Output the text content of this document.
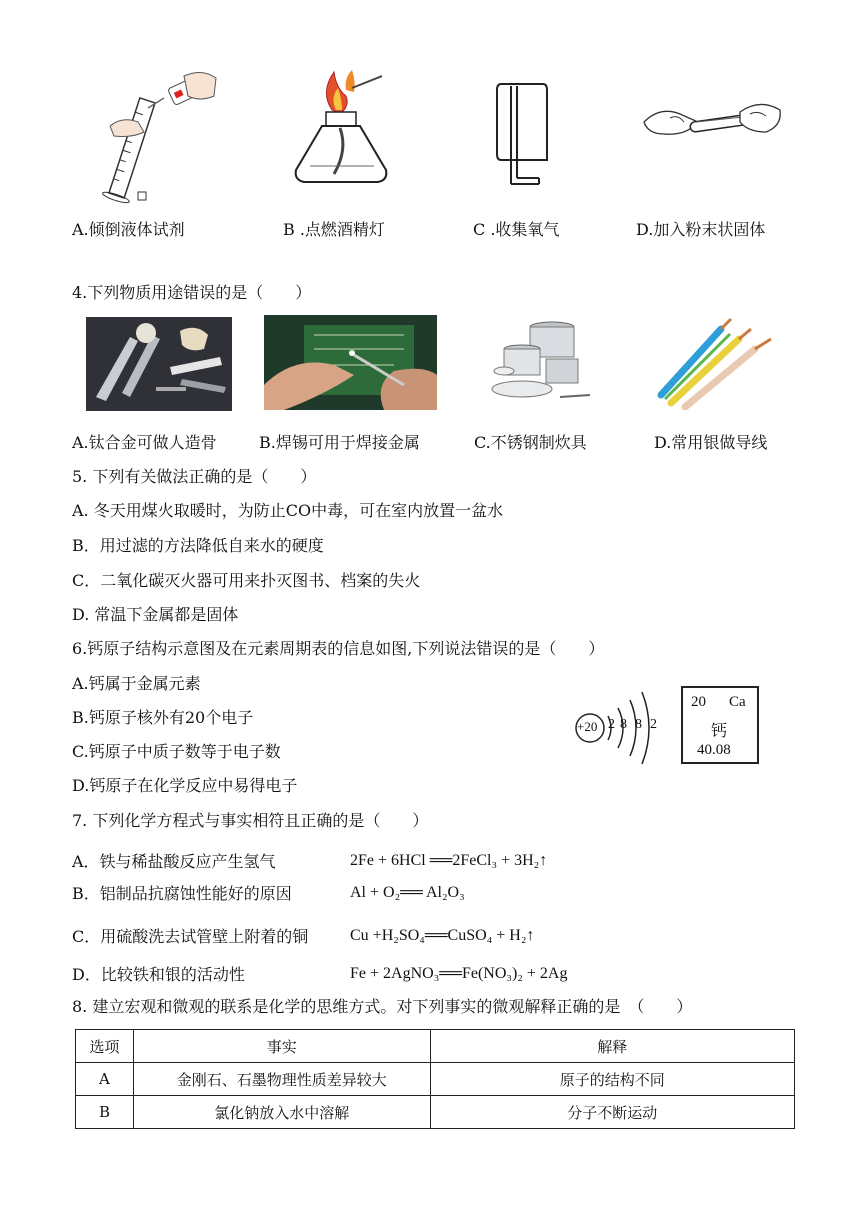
A.倾倒液体试剂	B .点燃酒精灯	C .收集氧气	D.加入粉末状固体
4.下列物质用途错误的是（　　）
A.钛合金可做人造骨	B.焊锡可用于焊接金属	C.不锈钢制炊具	D.常用银做导线
5. 下列有关做法正确的是（　　）
A. 冬天用煤火取暖时，为防止CO中毒，可在室内放置一盆水
B．用过滤的方法降低自来水的硬度
C．二氧化碳灭火器可用来扑灭图书、档案的失火
D. 常温下金属都是固体
6.钙原子结构示意图及在元素周期表的信息如图,下列说法错误的是（　　）
A.钙属于金属元素
B.钙原子核外有20个电子
C.钙原子中质子数等于电子数
D.钙原子在化学反应中易得电子
+20 2 8 8 2
20 Ca
钙
40.08
7. 下列化学方程式与事实相符且正确的是（　　）
A．铁与稀盐酸反应产生氢气	2Fe + 6HCl ══2FeCl₃ + 3H₂↑
B．铝制品抗腐蚀性能好的原因	Al + O₂══ Al₂O₃
C．用硫酸洗去试管壁上附着的铜	Cu +H₂SO₄══CuSO₄ + H₂↑
D．比较铁和银的活动性	Fe + 2AgNO₃══Fe(NO₃)₂ + 2Ag
8. 建立宏观和微观的联系是化学的思维方式。对下列事实的微观解释正确的是　（　　）
选项	事实	解释
A	金刚石、石墨物理性质差异较大	原子的结构不同
B	氯化钠放入水中溶解	分子不断运动
